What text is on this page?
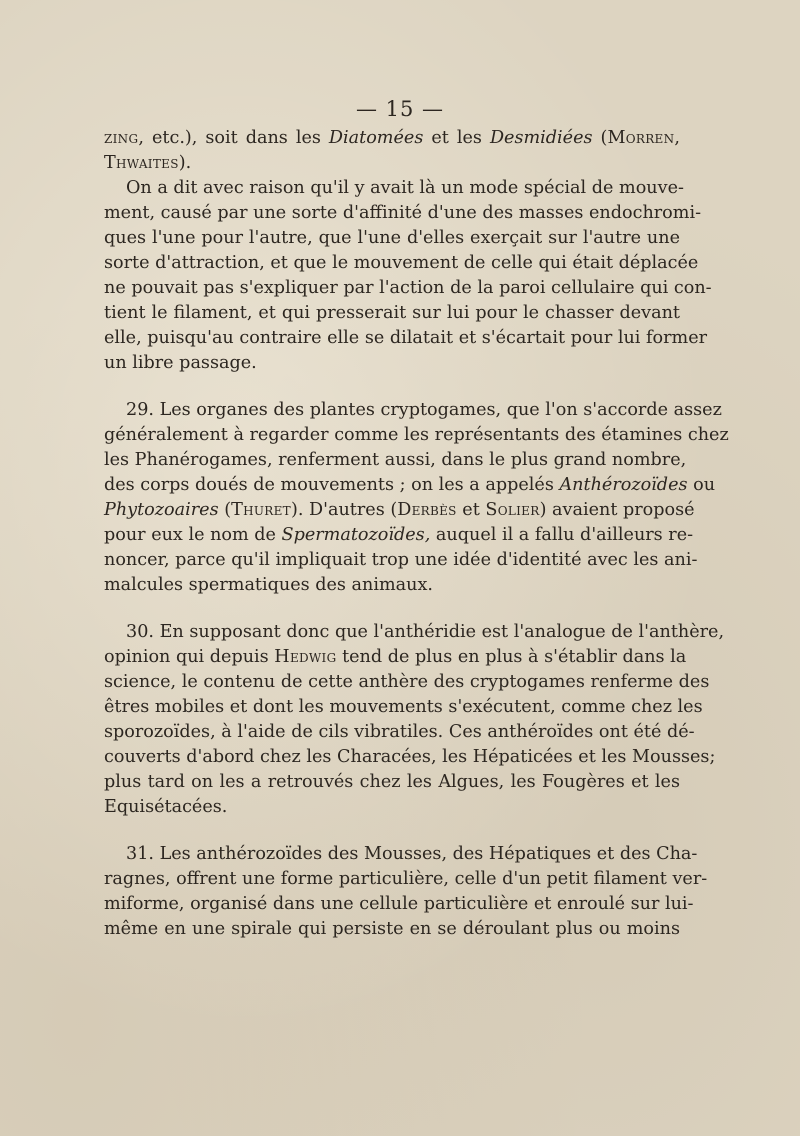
— 15 —

zing, etc.), soit dans les Diatomées et les Desmidiées (Morren,
Thwaites).

On a dit avec raison qu'il y avait là un mode spécial de mouve-
ment, causé par une sorte d'affinité d'une des masses endochromi-
ques l'une pour l'autre, que l'une d'elles exerçait sur l'autre une
sorte d'attraction, et que le mouvement de celle qui était déplacée
ne pouvait pas s'expliquer par l'action de la paroi cellulaire qui con-
tient le filament, et qui presserait sur lui pour le chasser devant
elle, puisqu'au contraire elle se dilatait et s'écartait pour lui former
un libre passage.

29. Les organes des plantes cryptogames, que l'on s'accorde assez
généralement à regarder comme les représentants des étamines chez
les Phanérogames, renferment aussi, dans le plus grand nombre,
des corps doués de mouvements ; on les a appelés Anthérozoïdes ou
Phytozoaires (Thuret). D'autres (Derbès et Solier) avaient proposé
pour eux le nom de Spermatozoïdes, auquel il a fallu d'ailleurs re-
noncer, parce qu'il impliquait trop une idée d'identité avec les ani-
malcules spermatiques des animaux.

30. En supposant donc que l'anthéridie est l'analogue de l'anthère,
opinion qui depuis Hedwig tend de plus en plus à s'établir dans la
science, le contenu de cette anthère des cryptogames renferme des
êtres mobiles et dont les mouvements s'exécutent, comme chez les
sporozoïdes, à l'aide de cils vibratiles. Ces anthéroïdes ont été dé-
couverts d'abord chez les Characées, les Hépaticées et les Mousses;
plus tard on les a retrouvés chez les Algues, les Fougères et les
Equisétacées.

31. Les anthérozoïdes des Mousses, des Hépatiques et des Cha-
ragnes, offrent une forme particulière, celle d'un petit filament ver-
miforme, organisé dans une cellule particulière et enroulé sur lui-
même en une spirale qui persiste en se déroulant plus ou moins
